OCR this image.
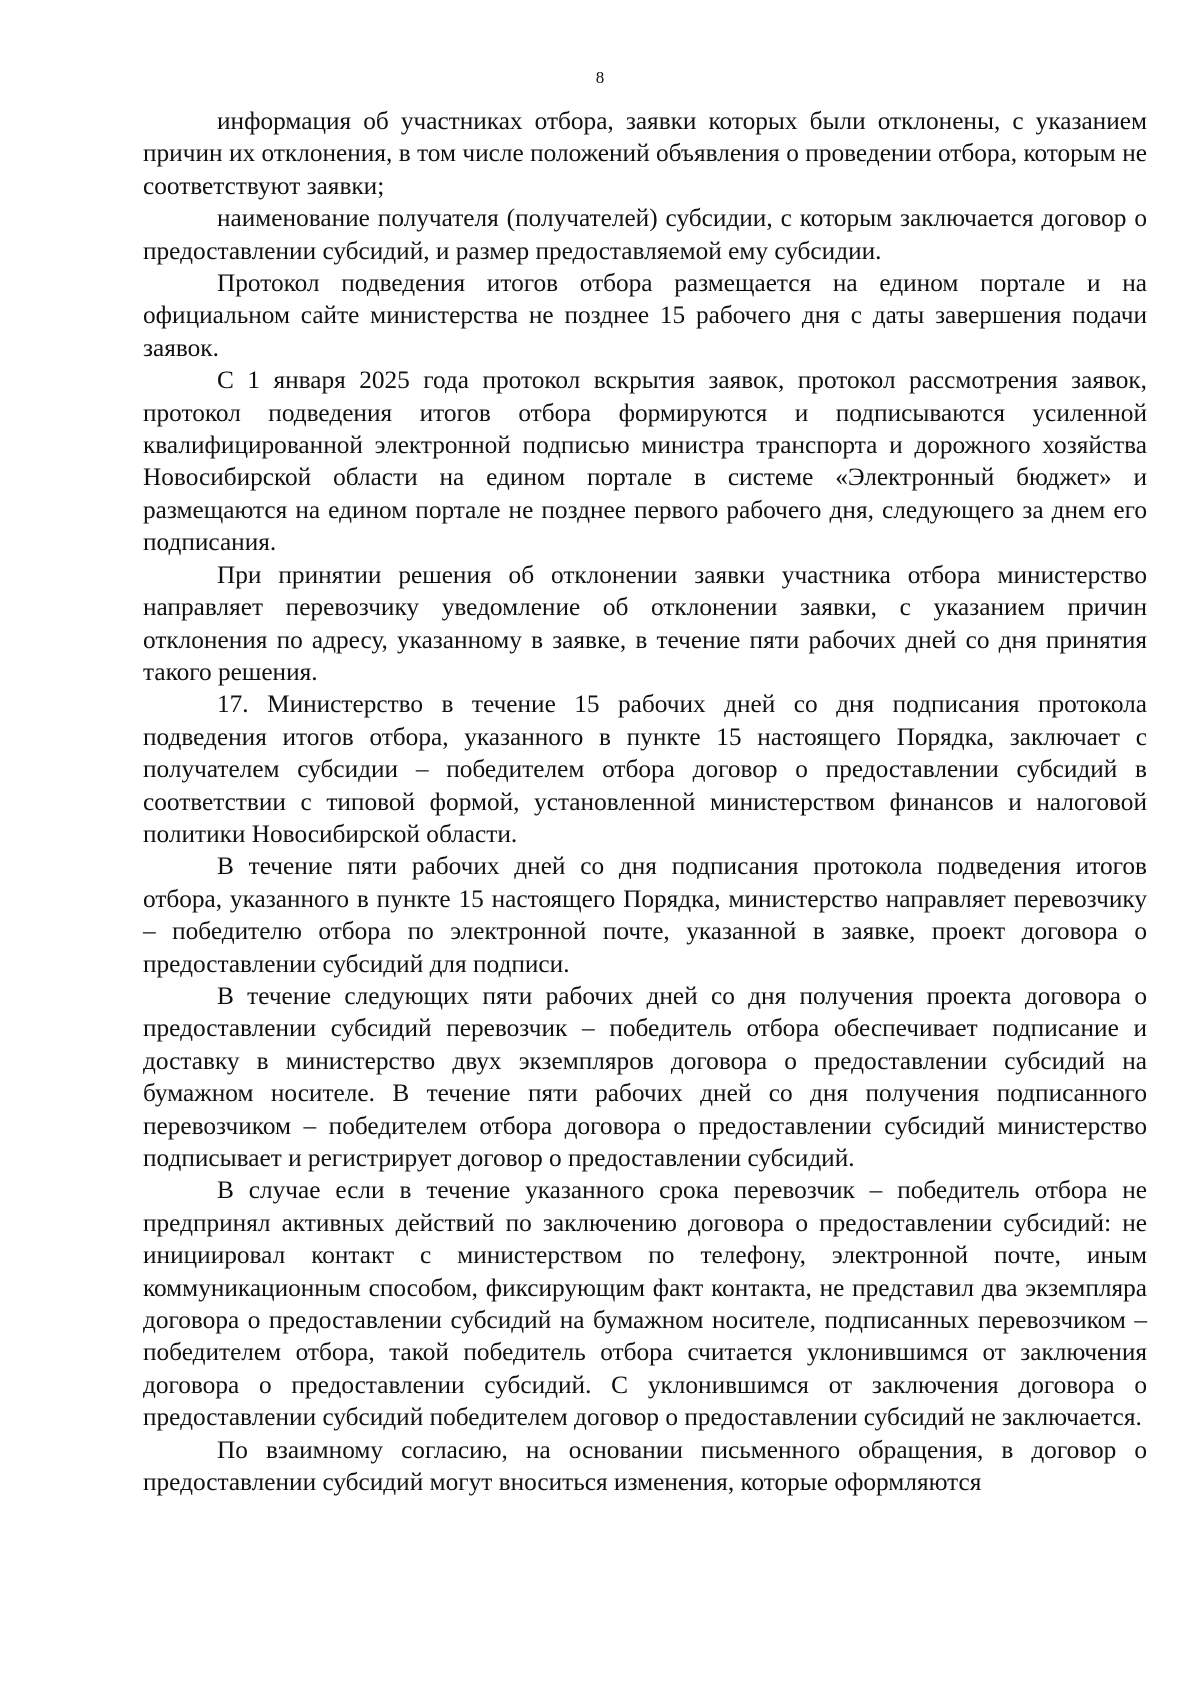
8

информация об участниках отбора, заявки которых были отклонены, с указанием причин их отклонения, в том числе положений объявления о проведении отбора, которым не соответствуют заявки;

наименование получателя (получателей) субсидии, с которым заключается договор о предоставлении субсидий, и размер предоставляемой ему субсидии.

Протокол подведения итогов отбора размещается на едином портале и на официальном сайте министерства не позднее 15 рабочего дня с даты завершения подачи заявок.

С 1 января 2025 года протокол вскрытия заявок, протокол рассмотрения заявок, протокол подведения итогов отбора формируются и подписываются усиленной квалифицированной электронной подписью министра транспорта и дорожного хозяйства Новосибирской области на едином портале в системе «Электронный бюджет» и размещаются на едином портале не позднее первого рабочего дня, следующего за днем его подписания.

При принятии решения об отклонении заявки участника отбора министерство направляет перевозчику уведомление об отклонении заявки, с указанием причин отклонения по адресу, указанному в заявке, в течение пяти рабочих дней со дня принятия такого решения.

17. Министерство в течение 15 рабочих дней со дня подписания протокола подведения итогов отбора, указанного в пункте 15 настоящего Порядка, заключает с получателем субсидии – победителем отбора договор о предоставлении субсидий в соответствии с типовой формой, установленной министерством финансов и налоговой политики Новосибирской области.

В течение пяти рабочих дней со дня подписания протокола подведения итогов отбора, указанного в пункте 15 настоящего Порядка, министерство направляет перевозчику – победителю отбора по электронной почте, указанной в заявке, проект договора о предоставлении субсидий для подписи.

В течение следующих пяти рабочих дней со дня получения проекта договора о предоставлении субсидий перевозчик – победитель отбора обеспечивает подписание и доставку в министерство двух экземпляров договора о предоставлении субсидий на бумажном носителе. В течение пяти рабочих дней со дня получения подписанного перевозчиком – победителем отбора договора о предоставлении субсидий министерство подписывает и регистрирует договор о предоставлении субсидий.

В случае если в течение указанного срока перевозчик – победитель отбора не предпринял активных действий по заключению договора о предоставлении субсидий: не инициировал контакт с министерством по телефону, электронной почте, иным коммуникационным способом, фиксирующим факт контакта, не представил два экземпляра договора о предоставлении субсидий на бумажном носителе, подписанных перевозчиком – победителем отбора, такой победитель отбора считается уклонившимся от заключения договора о предоставлении субсидий. С уклонившимся от заключения договора о предоставлении субсидий победителем договор о предоставлении субсидий не заключается.

По взаимному согласию, на основании письменного обращения, в договор о предоставлении субсидий могут вноситься изменения, которые оформляются
